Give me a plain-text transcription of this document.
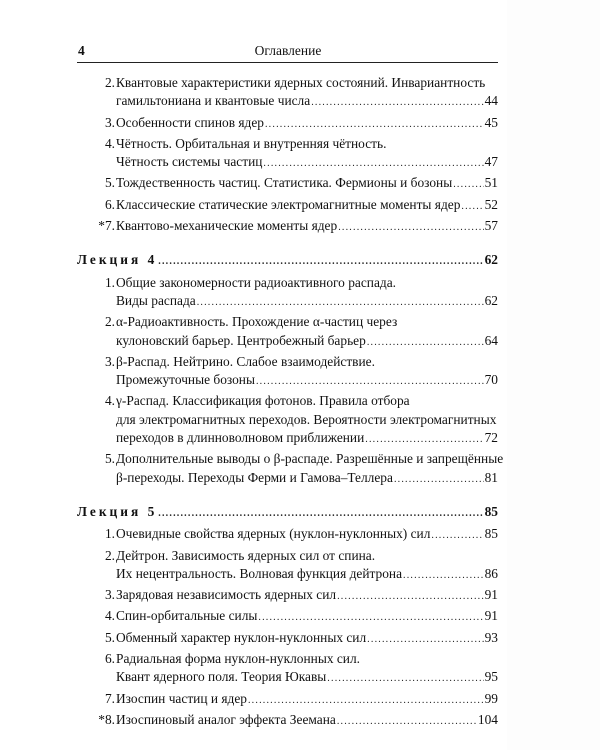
4	Оглавление
2. Квантовые характеристики ядерных состояний. Инвариантность
гамильтониана и квантовые числа .....	44
3. Особенности спинов ядер .....	45
4. Чётность. Орбитальная и внутренняя чётность.
Чётность системы частиц .....	47
5. Тождественность частиц. Статистика. Фермионы и бозоны ..... 51
6. Классические статические электромагнитные моменты ядер ..... 52
*7. Квантово-механические моменты ядер .....	57
Лекция 4 .....	62
1. Общие закономерности радиоактивного распада.
Виды распада .....	62
2. α-Радиоактивность. Прохождение α-частиц через
кулоновский барьер. Центробежный барьер .....	64
3. β-Распад. Нейтрино. Слабое взаимодействие.
Промежуточные бозоны .....	70
4. γ-Распад. Классификация фотонов. Правила отбора
для электромагнитных переходов. Вероятности электромагнитных
переходов в длинноволновом приближении .....	72
5. Дополнительные выводы о β-распаде. Разрешённые и запрещённые
β-переходы. Переходы Ферми и Гамова–Теллера .....	81
Лекция 5 .....	85
1. Очевидные свойства ядерных (нуклон-нуклонных) сил .....	85
2. Дейтрон. Зависимость ядерных сил от спина.
Их нецентральность. Волновая функция дейтрона .....	86
3. Зарядовая независимость ядерных сил .....	91
4. Спин-орбитальные силы .....	91
5. Обменный характер нуклон-нуклонных сил .....	93
6. Радиальная форма нуклон-нуклонных сил.
Квант ядерного поля. Теория Юкавы .....	95
7. Изоспин частиц и ядер .....	99
*8. Изоспиновый аналог эффекта Зеемана .....	104
